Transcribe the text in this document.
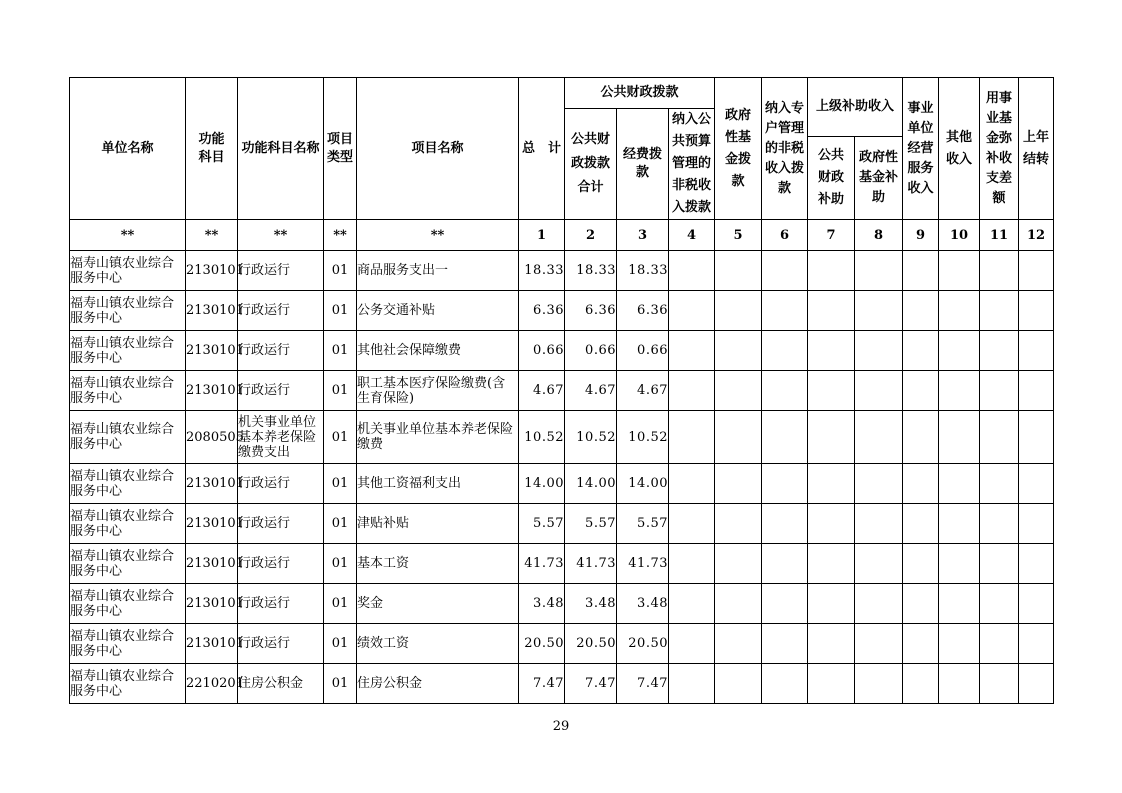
单位名称	功能科目	功能科目名称	项目类型	项目名称	总　计	公共财政拨款			政府性基金拨款	纳入专户管理的非税收入拨款	上级补助收入		事业单位经营服务收入	其他收入	用事业基金弥补收支差额	上年结转
						公共财政拨款合计	经费拨款	纳入公共预算管理的非税收入拨款								
											公共财政补助	政府性基金补助				
**	**	**	**	**	1	2	3	4	5	6	7	8	9	10	11	12
福寿山镇农业综合服务中心	2130101	行政运行	01	商品服务支出一	18.33	18.33	18.33									
福寿山镇农业综合服务中心	2130101	行政运行	01	公务交通补贴	6.36	6.36	6.36									
福寿山镇农业综合服务中心	2130101	行政运行	01	其他社会保障缴费	0.66	0.66	0.66									
福寿山镇农业综合服务中心	2130101	行政运行	01	职工基本医疗保险缴费(含生育保险)	4.67	4.67	4.67									
福寿山镇农业综合服务中心	2080505	机关事业单位基本养老保险缴费支出	01	机关事业单位基本养老保险缴费	10.52	10.52	10.52									
福寿山镇农业综合服务中心	2130101	行政运行	01	其他工资福利支出	14.00	14.00	14.00									
福寿山镇农业综合服务中心	2130101	行政运行	01	津贴补贴	5.57	5.57	5.57									
福寿山镇农业综合服务中心	2130101	行政运行	01	基本工资	41.73	41.73	41.73									
福寿山镇农业综合服务中心	2130101	行政运行	01	奖金	3.48	3.48	3.48									
福寿山镇农业综合服务中心	2130101	行政运行	01	绩效工资	20.50	20.50	20.50									
福寿山镇农业综合服务中心	2210201	住房公积金	01	住房公积金	7.47	7.47	7.47									
29
